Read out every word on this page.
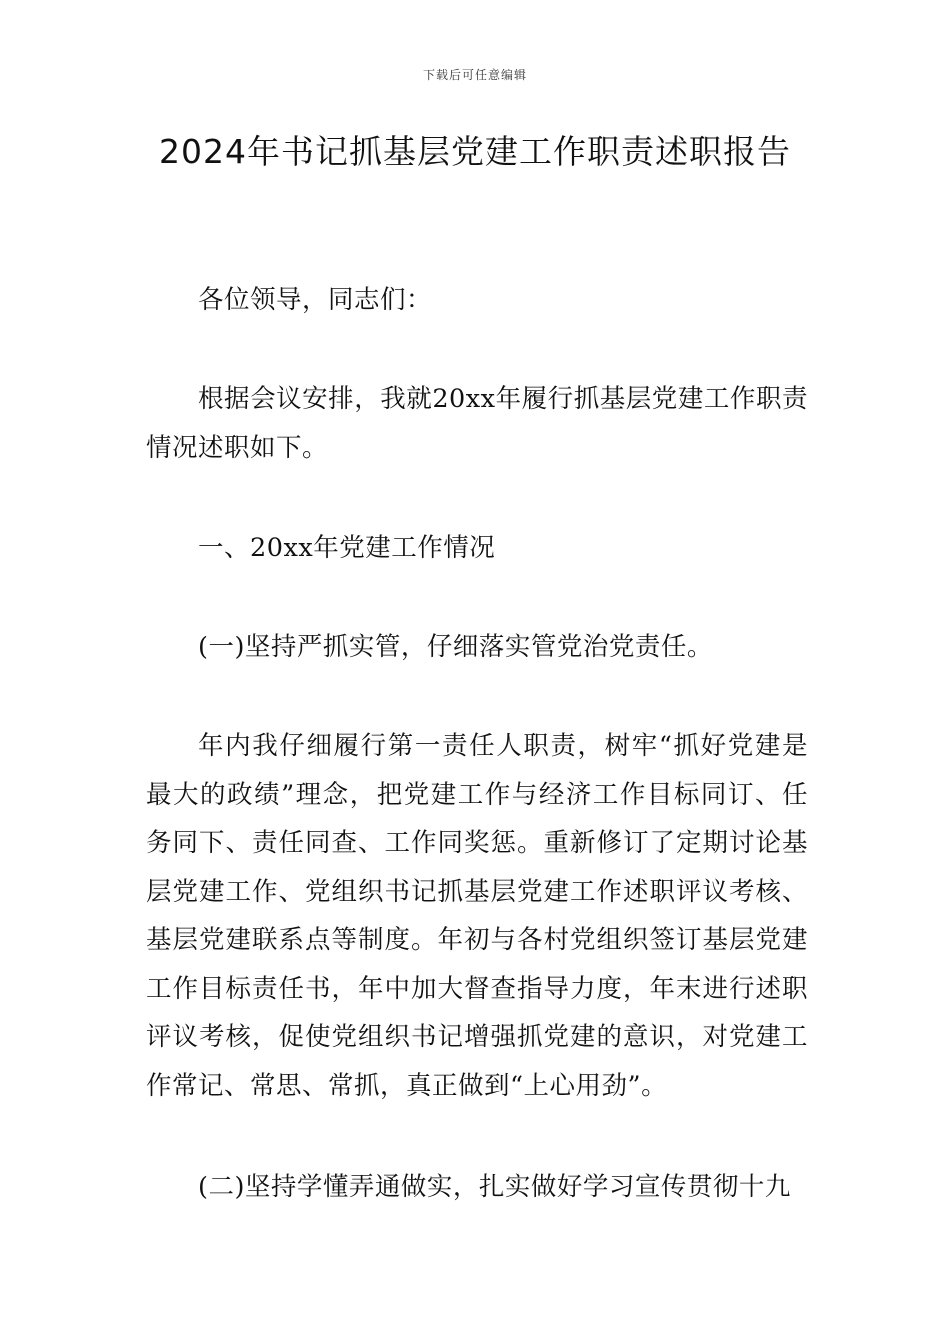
下载后可任意编辑
2024年书记抓基层党建工作职责述职报告

各位领导，同志们：

根据会议安排，我就20xx年履行抓基层党建工作职责情况述职如下。

一、20xx年党建工作情况

(一)坚持严抓实管，仔细落实管党治党责任。

年内我仔细履行第一责任人职责，树牢“抓好党建是最大的政绩”理念，把党建工作与经济工作目标同订、任务同下、责任同查、工作同奖惩。重新修订了定期讨论基层党建工作、党组织书记抓基层党建工作述职评议考核、基层党建联系点等制度。年初与各村党组织签订基层党建工作目标责任书，年中加大督查指导力度，年末进行述职评议考核，促使党组织书记增强抓党建的意识，对党建工作常记、常思、常抓，真正做到“上心用劲”。

(二)坚持学懂弄通做实，扎实做好学习宣传贯彻十九
